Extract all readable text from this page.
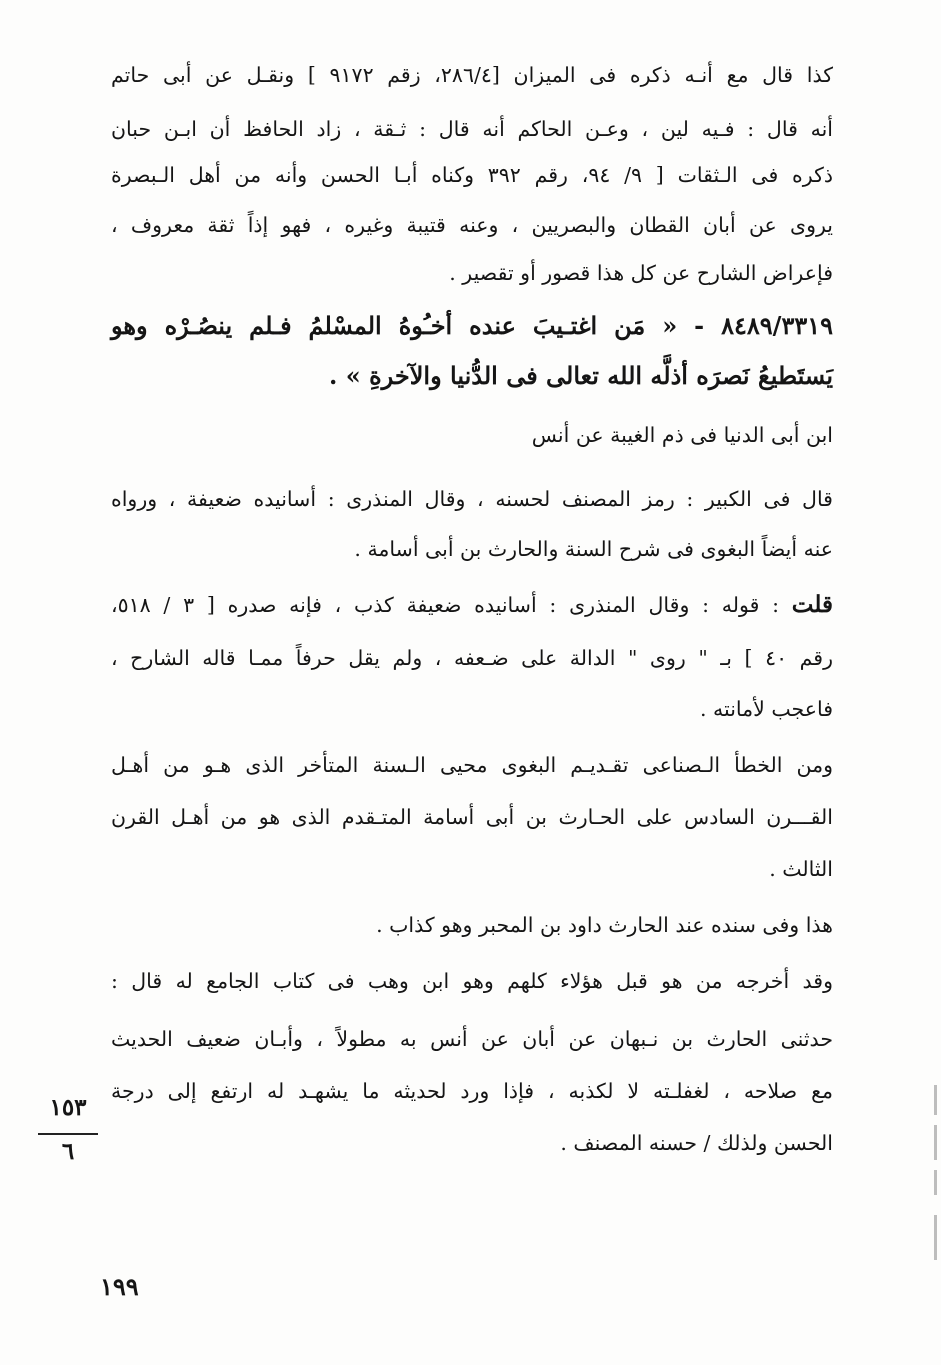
كذا قال مع أنـه ذكره فى الميزان [٢٨٦/٤، زقم ٩١٧٢ ] ونقـل عن أبى حاتم
أنه قال : فـيه لين ، وعـن الحاكم أنه قال : ثـقة ، زاد الحافظ أن ابـن حبان
ذكره فى الـثقات [ ٩/ ٩٤، رقم ٣٩٢ وكناه أبـا الحسن وأنه من أهل الـبصرة
يروى عن أبان القطان والبصريين ، وعنه قتيبة وغيره ، فهو إذاً ثقة معروف ،
فإعراض الشارح عن كل هذا قصور أو تقصير .
٨٤٨٩/٣٣١٩ - « مَن اغتـيبَ عنده أخـُوهُ المسْلمُ فـلم ينصُـرْه وهو
يَستَطيعُ نَصرَه أذلَّه الله تعالى فى الدُّنيا والآخرةِ » .
ابن أبى الدنيا فى ذم الغيبة عن أنس
قال فى الكبير : رمز المصنف لحسنه ، وقال المنذرى : أسانيده ضعيفة ، ورواه
عنه أيضاً البغوى فى شرح السنة والحارث بن أبى أسامة .
قلت : قوله : وقال المنذرى : أسانيده ضعيفة كذب ، فإنه صدره [ ٣ / ٥١٨،
رقم ٤٠ ] بـ " روى " الدالة على ضـعفه ، ولم يقل حرفاً ممـا قاله الشارح ،
فاعجب لأمانته .
ومن الخطأ الـصناعى تقـديـم البغوى محيى الـسنة المتأخر الذى هـو من أهـل
القـــرن السادس على الحـارث بن أبى أسامة المتـقدم الذى هو من أهـل القرن
الثالث .
هذا وفى سنده عند الحارث داود بن المحبر وهو كذاب .
وقد أخرجه من هو قبل هؤلاء كلهم وهو ابن وهب فى كتاب الجامع له قال :
حدثنى الحارث بن نـبهان عن أبان عن أنس به مطولاً ، وأبـان ضعيف الحديث
مع صلاحه ، لغفلـته لا لكذبه ، فإذا ورد لحديثه ما يشهـد له ارتفع إلى درجة
الحسن ولذلك / حسنه المصنف .
١٥٣
٦
١٩٩
